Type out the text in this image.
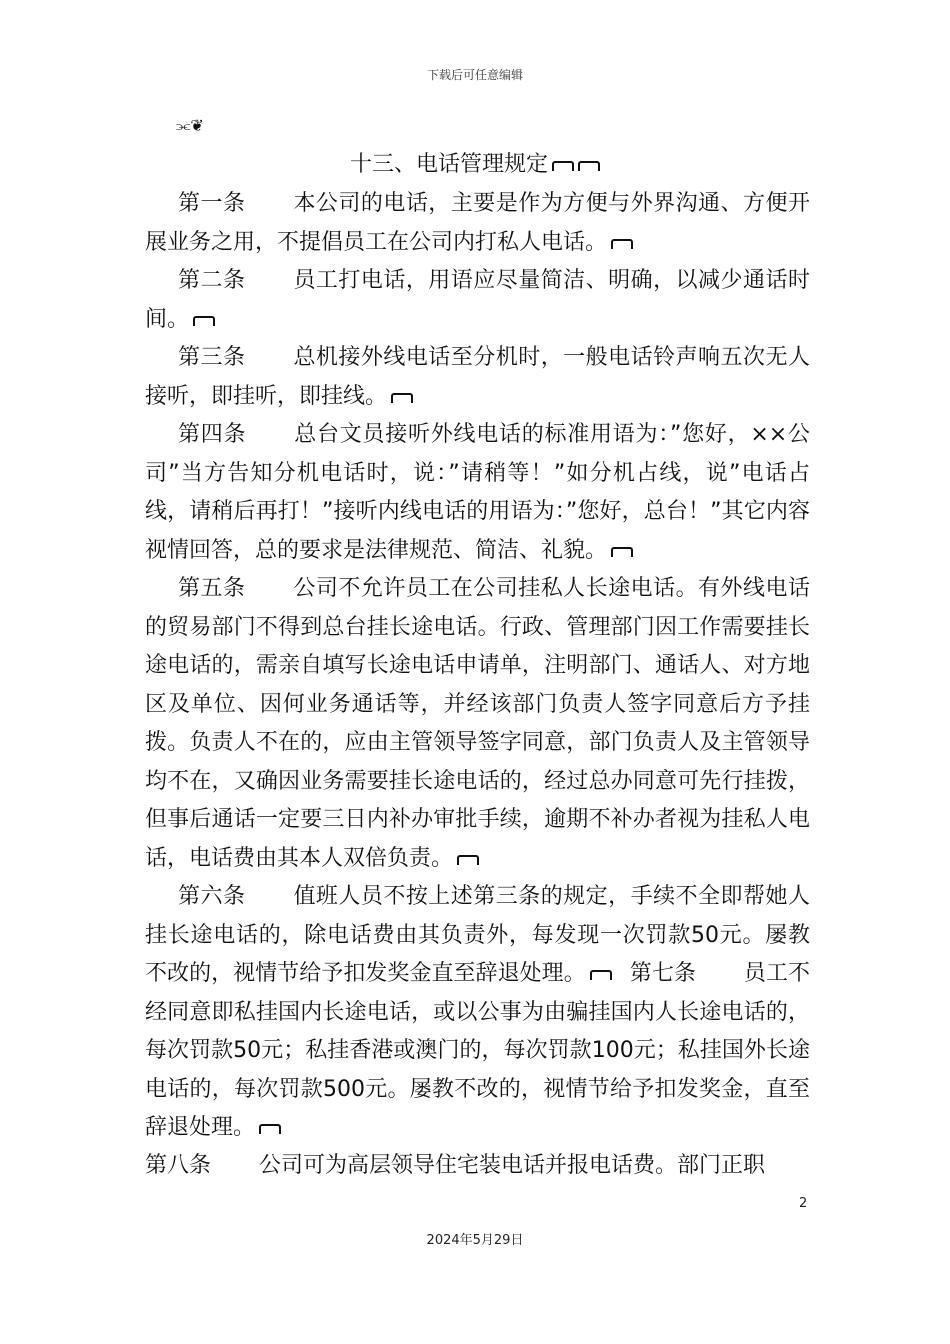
下载后可任意编辑
⫘❦
十三、电话管理规定

第一条 本公司的电话，主要是作为方便与外界沟通、方便开展业务之用，不提倡员工在公司内打私人电话。

第二条 员工打电话，用语应尽量简洁、明确，以减少通话时间。

第三条 总机接外线电话至分机时，一般电话铃声响五次无人接听，即挂听，即挂线。

第四条 总台文员接听外线电话的标准用语为：”您好，××公司”当方告知分机电话时，说：”请稍等！”如分机占线，说”电话占线，请稍后再打！”接听内线电话的用语为：”您好，总台！”其它内容视情回答，总的要求是法律规范、简洁、礼貌。

第五条 公司不允许员工在公司挂私人长途电话。有外线电话的贸易部门不得到总台挂长途电话。行政、管理部门因工作需要挂长途电话的，需亲自填写长途电话申请单，注明部门、通话人、对方地区及单位、因何业务通话等，并经该部门负责人签字同意后方予挂拨。负责人不在的，应由主管领导签字同意，部门负责人及主管领导均不在，又确因业务需要挂长途电话的，经过总办同意可先行挂拨，但事后通话一定要三日内补办审批手续，逾期不补办者视为挂私人电话，电话费由其本人双倍负责。

第六条 值班人员不按上述第三条的规定，手续不全即帮她人挂长途电话的，除电话费由其负责外，每发现一次罚款50元。屡教不改的，视情节给予扣发奖金直至辞退处理。 第七条 员工不经同意即私挂国内长途电话，或以公事为由骗挂国内人长途电话的，每次罚款50元；私挂香港或澳门的，每次罚款100元；私挂国外长途电话的，每次罚款500元。屡教不改的，视情节给予扣发奖金，直至辞退处理。

第八条 公司可为高层领导住宅装电话并报电话费。部门正职

2
2024年5月29日
